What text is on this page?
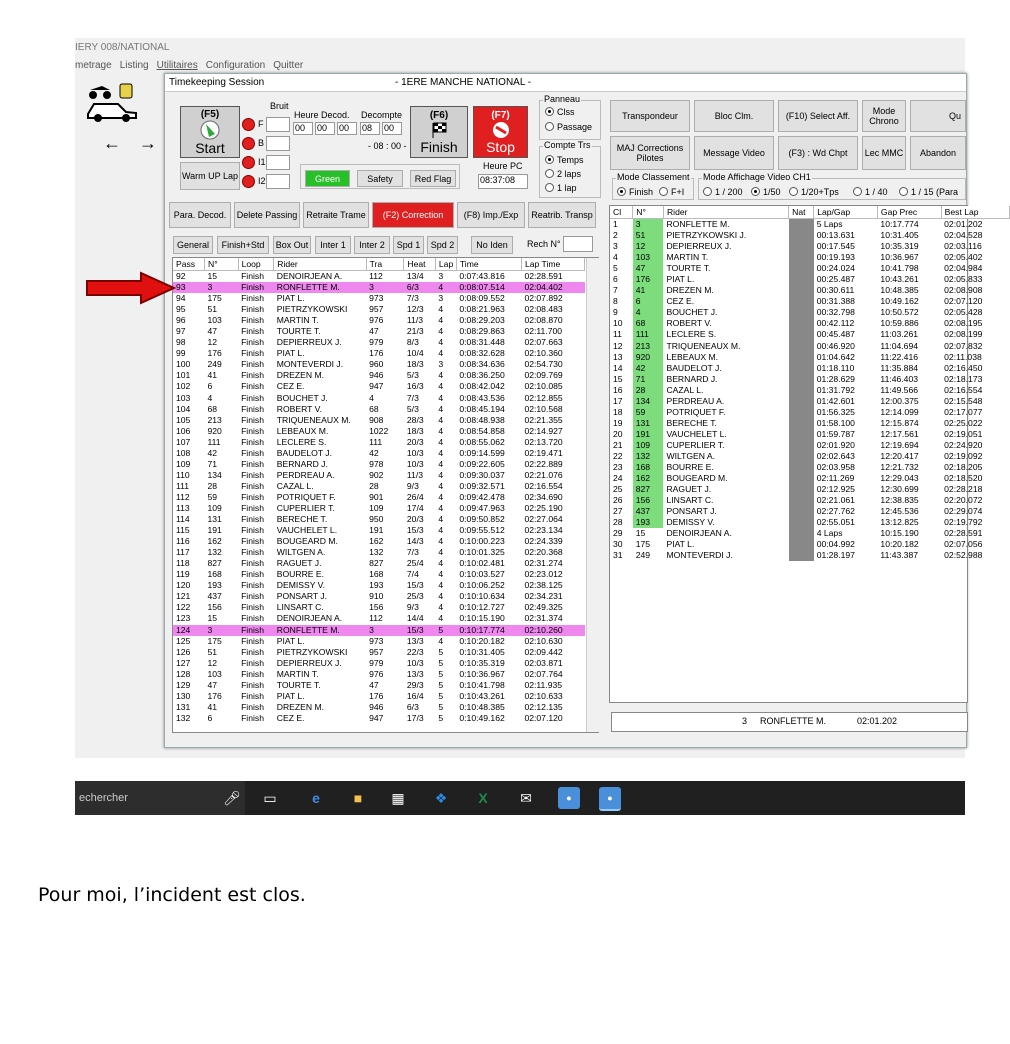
IERY 008/NATIONAL
metrage Listing Utilitaires Configuration Quitter
← →
Timekeeping Session	- 1ERE MANCHE NATIONAL -
(F5)
Start
Warm UP Lap
Bruit
F
B
I1
I2
Heure Decod.
00	00	00
Decompte
08	00
- 08 : 00 -
(F6)
Finish
(F7)
Stop
Heure PC
08:37:08
Green	Safety	Red Flag
Panneau
Clss
Passage
Compte Trs
Temps
2 laps
1 lap
Transpondeur	Bloc Clm.	(F10) Select Aff.	Mode Chrono	Qu
MAJ Corrections Pilotes	Message Video	(F3) : Wd Chpt	Lec MMC	Abandon
Mode Classement
Finish	F+I
Mode Affichage Video CH1
1 / 200	1/50	1/20+Tps	1 / 40	1 / 15 (Para
Para. Decod.	Delete Passing Retraite Trame	(F2) Correction	(F8) Imp./Exp	Reatrib. Transp
General	Finish+Std	Box Out	Inter 1	Inter 2	Spd 1	Spd 2	No Iden	Rech N°
Pass	N°	Loop	Rider	Tra	Heat	Lap	Time	Lap Time
92	15	Finish	DENOIRJEAN A.	112	13/4	3	0:07:43.816	02:28.591
93	3	Finish	RONFLETTE M.	3	6/3	4	0:08:07.514	02:04.402
94	175	Finish	PIAT L.	973	7/3	3	0:08:09.552	02:07.892
95	51	Finish	PIETRZYKOWSKI	957	12/3	4	0:08:21.963	02:08.483
96	103	Finish	MARTIN T.	976	11/3	4	0:08:29.203	02:08.870
97	47	Finish	TOURTE T.	47	21/3	4	0:08:29.863	02:11.700
98	12	Finish	DEPIERREUX J.	979	8/3	4	0:08:31.448	02:07.663
99	176	Finish	PIAT L.	176	10/4	4	0:08:32.628	02:10.360
100	249	Finish	MONTEVERDI J.	960	18/3	3	0:08:34.636	02:54.730
101	41	Finish	DREZEN M.	946	5/3	4	0:08:36.250	02:09.769
102	6	Finish	CEZ E.	947	16/3	4	0:08:42.042	02:10.085
103	4	Finish	BOUCHET J.	4	7/3	4	0:08:43.536	02:12.855
104	68	Finish	ROBERT V.	68	5/3	4	0:08:45.194	02:10.568
105	213	Finish	TRIQUENEAUX M.	908	28/3	4	0:08:48.938	02:21.355
106	920	Finish	LEBEAUX M.	1022	18/3	4	0:08:54.858	02:14.927
107	111	Finish	LECLERE S.	111	20/3	4	0:08:55.062	02:13.720
108	42	Finish	BAUDELOT J.	42	10/3	4	0:09:14.599	02:19.471
109	71	Finish	BERNARD J.	978	10/3	4	0:09:22.605	02:22.889
110	134	Finish	PERDREAU A.	902	11/3	4	0:09:30.037	02:21.076
111	28	Finish	CAZAL L.	28	9/3	4	0:09:32.571	02:16.554
112	59	Finish	POTRIQUET F.	901	26/4	4	0:09:42.478	02:34.690
113	109	Finish	CUPERLIER T.	109	17/4	4	0:09:47.963	02:25.190
114	131	Finish	BERECHE T.	950	20/3	4	0:09:50.852	02:27.064
115	191	Finish	VAUCHELET L.	191	15/3	4	0:09:55.512	02:23.134
116	162	Finish	BOUGEARD M.	162	14/3	4	0:10:00.223	02:24.339
117	132	Finish	WILTGEN A.	132	7/3	4	0:10:01.325	02:20.368
118	827	Finish	RAGUET J.	827	25/4	4	0:10:02.481	02:31.274
119	168	Finish	BOURRE E.	168	7/4	4	0:10:03.527	02:23.012
120	193	Finish	DEMISSY V.	193	15/3	4	0:10:06.252	02:38.125
121	437	Finish	PONSART J.	910	25/3	4	0:10:10.634	02:34.231
122	156	Finish	LINSART C.	156	9/3	4	0:10:12.727	02:49.325
123	15	Finish	DENOIRJEAN A.	112	14/4	4	0:10:15.190	02:31.374
124	3	Finish	RONFLETTE M.	3	15/3	5	0:10:17.774	02:10.260
125	175	Finish	PIAT L.	973	13/3	4	0:10:20.182	02:10.630
126	51	Finish	PIETRZYKOWSKI	957	22/3	5	0:10:31.405	02:09.442
127	12	Finish	DEPIERREUX J.	979	10/3	5	0:10:35.319	02:03.871
128	103	Finish	MARTIN T.	976	13/3	5	0:10:36.967	02:07.764
129	47	Finish	TOURTE T.	47	29/3	5	0:10:41.798	02:11.935
130	176	Finish	PIAT L.	176	16/4	5	0:10:43.261	02:10.633
131	41	Finish	DREZEN M.	946	6/3	5	0:10:48.385	02:12.135
132	6	Finish	CEZ E.	947	17/3	5	0:10:49.162	02:07.120
Cl	N°	Rider	Nat	Lap/Gap	Gap Prec	Best Lap
1	3	RONFLETTE M.		5 Laps	10:17.774	02:01.202
2	51	PIETRZYKOWSKI J.		00:13.631	10:31.405	02:04.528
3	12	DEPIERREUX J.		00:17.545	10:35.319	02:03.116
4	103	MARTIN T.		00:19.193	10:36.967	02:05.402
5	47	TOURTE T.		00:24.024	10:41.798	02:04.984
6	176	PIAT L.		00:25.487	10:43.261	02:05.833
7	41	DREZEN M.		00:30.611	10:48.385	02:08.908
8	6	CEZ E.		00:31.388	10:49.162	02:07.120
9	4	BOUCHET J.		00:32.798	10:50.572	02:05.428
10	68	ROBERT V.		00:42.112	10:59.886	02:08.195
11	111	LECLERE S.		00:45.487	11:03.261	02:08.199
12	213	TRIQUENEAUX M.		00:46.920	11:04.694	02:07.832
13	920	LEBEAUX M.		01:04.642	11:22.416	02:11.038
14	42	BAUDELOT J.		01:18.110	11:35.884	02:16.450
15	71	BERNARD J.		01:28.629	11:46.403	02:18.173
16	28	CAZAL L.		01:31.792	11:49.566	02:16.554
17	134	PERDREAU A.		01:42.601	12:00.375	02:15.548
18	59	POTRIQUET F.		01:56.325	12:14.099	02:17.077
19	131	BERECHE T.		01:58.100	12:15.874	02:25.022
20	191	VAUCHELET L.		01:59.787	12:17.561	02:19.051
21	109	CUPERLIER T.		02:01.920	12:19.694	02:24.920
22	132	WILTGEN A.		02:02.643	12:20.417	02:19.092
23	168	BOURRE E.		02:03.958	12:21.732	02:18.205
24	162	BOUGEARD M.		02:11.269	12:29.043	02:18.520
25	827	RAGUET J.		02:12.925	12:30.699	02:28.218
26	156	LINSART C.		02:21.061	12:38.835	02:20.072
27	437	PONSART J.		02:27.762	12:45.536	02:29.074
28	193	DEMISSY V.		02:55.051	13:12.825	02:19.792
29	15	DENOIRJEAN A.		4 Laps	10:15.190	02:28.591
30	175	PIAT L.		00:04.992	10:20.182	02:07.056
31	249	MONTEVERDI J.		01:28.197	11:43.387	02:52.988
3 RONFLETTE M.	02:01.202
echercher	🎤︎	▭	e	■	▦	❖	X	✉	●	●
Pour moi, l’incident est clos.
